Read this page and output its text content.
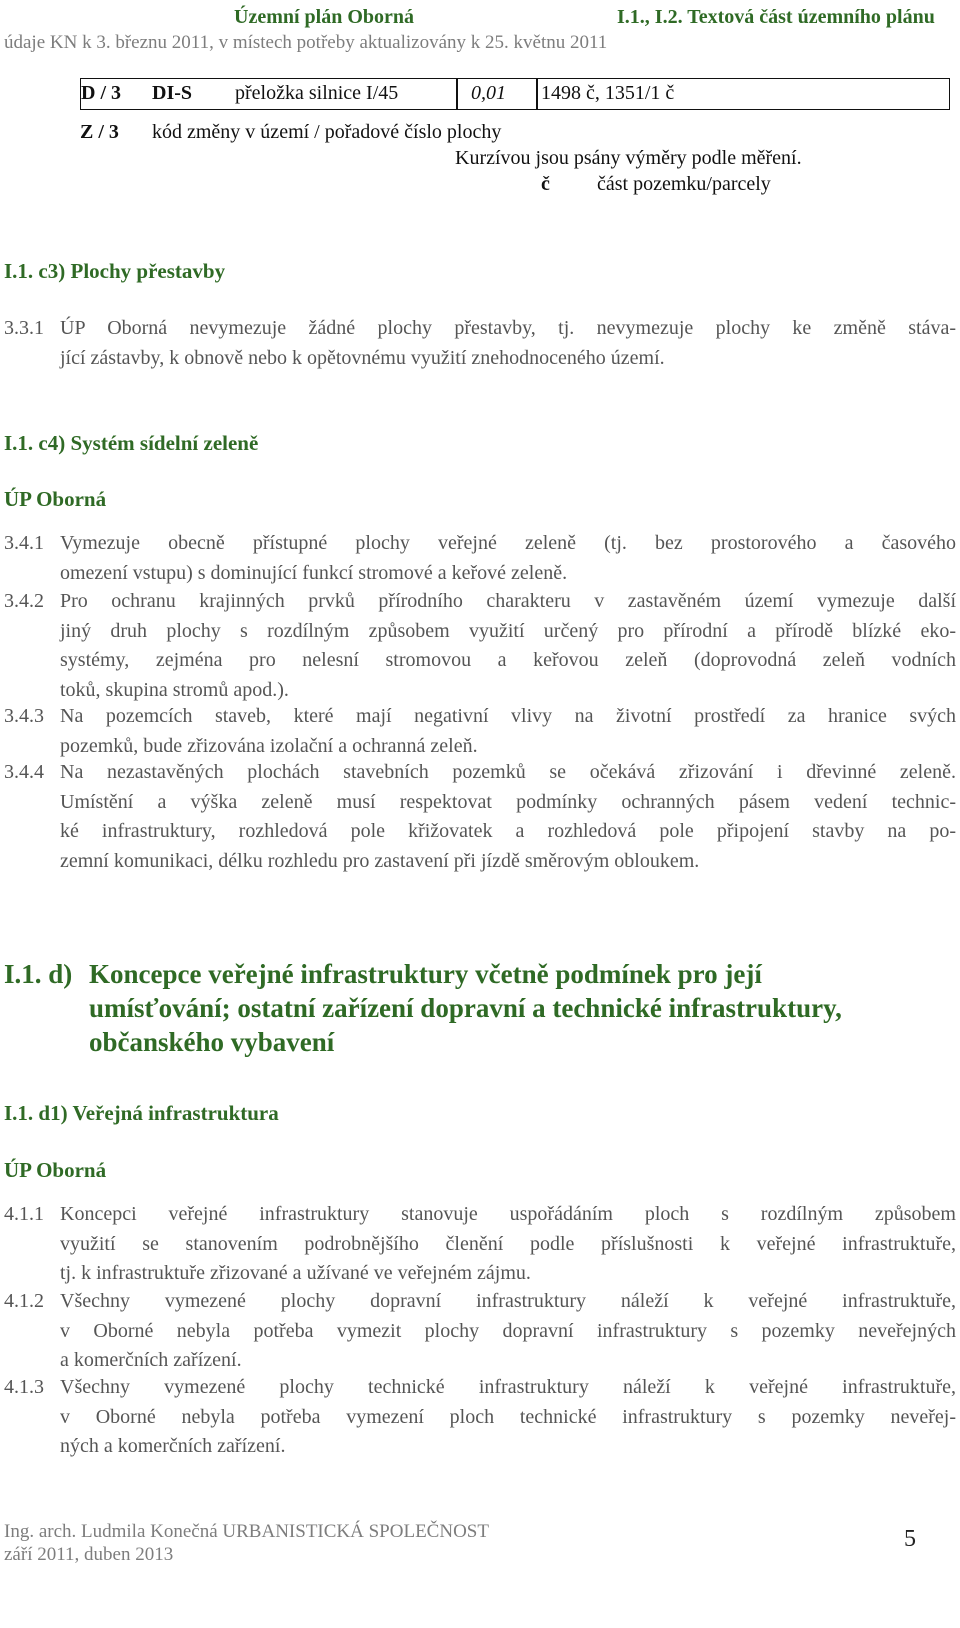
Územní plán Oborná	I.1., I.2. Textová část územního plánu
údaje KN k 3. březnu 2011, v místech potřeby aktualizovány k 25. květnu 2011
D / 3 DI-S přeložka silnice I/45	0,01 1498 č, 1351/1 č
Z / 3 kód změny v území / pořadové číslo plochy
Kurzívou jsou psány výměry podle měření.
č část pozemku/parcely
I.1. c3) Plochy přestavby
3.3.1 ÚP Oborná nevymezuje žádné plochy přestavby, tj. nevymezuje plochy ke změně stáva-
jící zástavby, k obnově nebo k opětovnému využití znehodnoceného území.
I.1. c4) Systém sídelní zeleně
ÚP Oborná
3.4.1 Vymezuje obecně přístupné plochy veřejné zeleně (tj. bez prostorového a časového
omezení vstupu) s dominující funkcí stromové a keřové zeleně.
3.4.2 Pro ochranu krajinných prvků přírodního charakteru v zastavěném území vymezuje další
jiný druh plochy s rozdílným způsobem využití určený pro přírodní a přírodě blízké eko-
systémy, zejména pro nelesní stromovou a keřovou zeleň (doprovodná zeleň vodních
toků, skupina stromů apod.).
3.4.3 Na pozemcích staveb, které mají negativní vlivy na životní prostředí za hranice svých
pozemků, bude zřizována izolační a ochranná zeleň.
3.4.4 Na nezastavěných plochách stavebních pozemků se očekává zřizování i dřevinné zeleně.
Umístění a výška zeleně musí respektovat podmínky ochranných pásem vedení technic-
ké infrastruktury, rozhledová pole křižovatek a rozhledová pole připojení stavby na po-
zemní komunikaci, délku rozhledu pro zastavení při jízdě směrovým obloukem.
I.1. d) Koncepce veřejné infrastruktury včetně podmínek pro její
umísťování; ostatní zařízení dopravní a technické infrastruktury,
občanského vybavení
I.1. d1) Veřejná infrastruktura
ÚP Oborná
4.1.1 Koncepci veřejné infrastruktury stanovuje uspořádáním ploch s rozdílným způsobem
využití se stanovením podrobnějšího členění podle příslušnosti k veřejné infrastruktuře,
tj. k infrastruktuře zřizované a užívané ve veřejném zájmu.
4.1.2 Všechny vymezené plochy dopravní infrastruktury náleží k veřejné infrastruktuře,
v Oborné nebyla potřeba vymezit plochy dopravní infrastruktury s pozemky neveřejných
a komerčních zařízení.
4.1.3 Všechny vymezené plochy technické infrastruktury náleží k veřejné infrastruktuře,
v Oborné nebyla potřeba vymezení ploch technické infrastruktury s pozemky neveřej-
ných a komerčních zařízení.
Ing. arch. Ludmila Konečná URBANISTICKÁ SPOLEČNOST
září 2011, duben 2013
5
